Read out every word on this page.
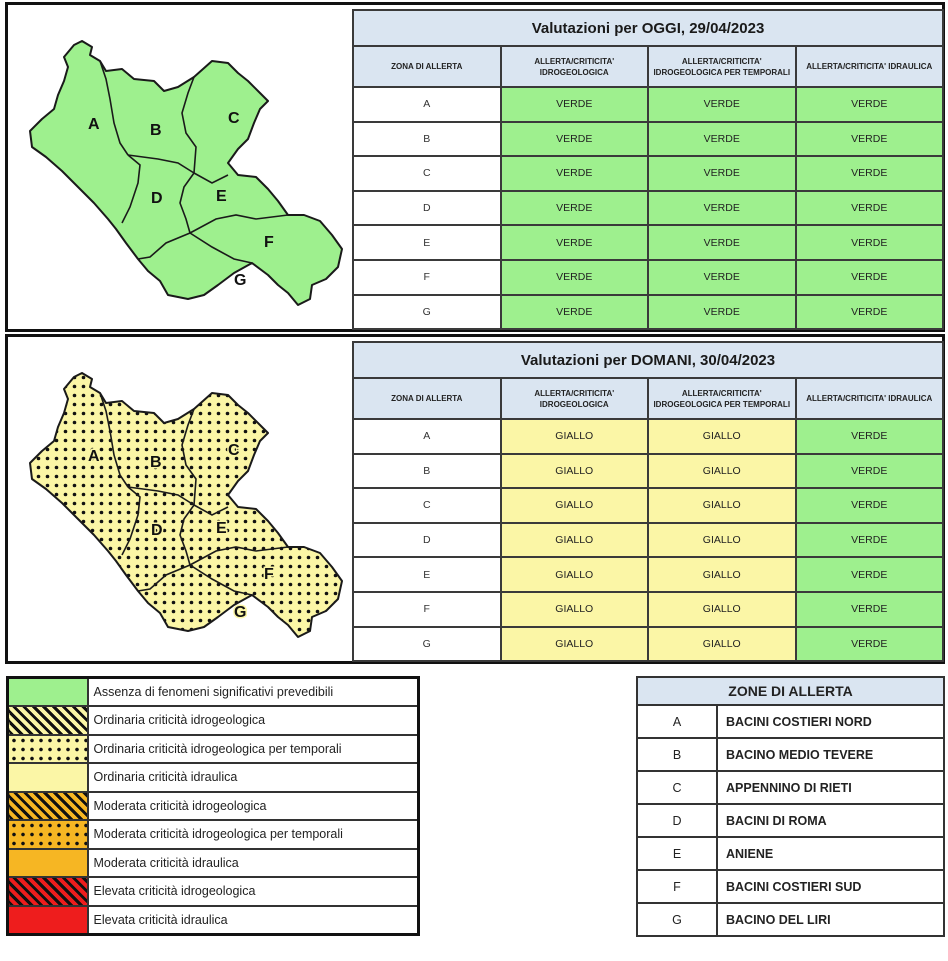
A	B
C
D	E
F
G
Valutazioni per OGGI, 29/04/2023			
ZONA DI ALLERTA	ALLERTA/CRITICITA' IDROGEOLOGICA	ALLERTA/CRITICITA' IDROGEOLOGICA PER TEMPORALI	ALLERTA/CRITICITA' IDRAULICA
A	VERDE	VERDE	VERDE
B	VERDE	VERDE	VERDE
C	VERDE	VERDE	VERDE
D	VERDE	VERDE	VERDE
E	VERDE	VERDE	VERDE
F	VERDE	VERDE	VERDE
G	VERDE	VERDE	VERDE
A	B
C
D	E
F
G
Valutazioni per DOMANI, 30/04/2023			
ZONA DI ALLERTA	ALLERTA/CRITICITA' IDROGEOLOGICA	ALLERTA/CRITICITA' IDROGEOLOGICA PER TEMPORALI	ALLERTA/CRITICITA' IDRAULICA
A	GIALLO	GIALLO	VERDE
B	GIALLO	GIALLO	VERDE
C	GIALLO	GIALLO	VERDE
D	GIALLO	GIALLO	VERDE
E	GIALLO	GIALLO	VERDE
F	GIALLO	GIALLO	VERDE
G	GIALLO	GIALLO	VERDE
	Assenza di fenomeni significativi prevedibili
	Ordinaria criticità idrogeologica
	Ordinaria criticità idrogeologica per temporali
	Ordinaria criticità idraulica
	Moderata criticità idrogeologica
	Moderata criticità idrogeologica per temporali
	Moderata criticità idraulica
	Elevata criticità idrogeologica
	Elevata criticità idraulica
ZONE DI ALLERTA	
A	BACINI COSTIERI NORD
B	BACINO MEDIO TEVERE
C	APPENNINO DI RIETI
D	BACINI DI ROMA
E	ANIENE
F	BACINI COSTIERI SUD
G	BACINO DEL LIRI
